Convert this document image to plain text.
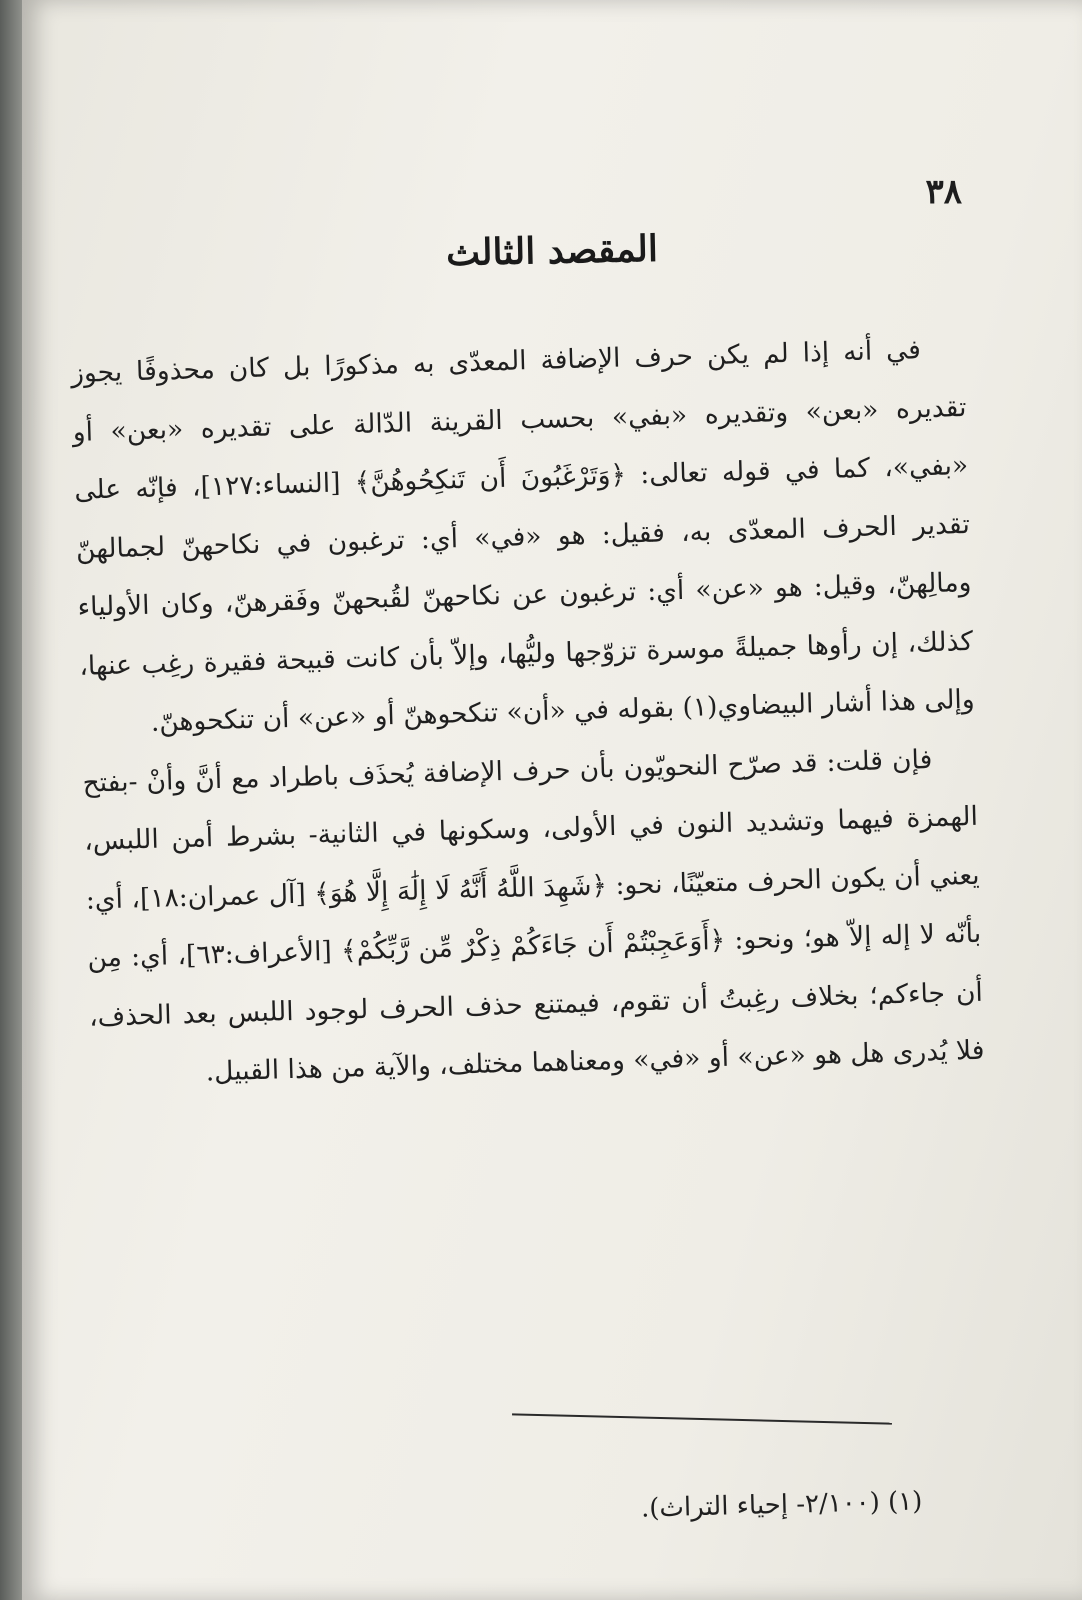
٣٨
المقصد الثالث

في أنه إذا لم يكن حرف الإضافة المعدّى به مذكورًا بل كان محذوفًا يجوز تقديره «بعن» وتقديره «بفي» بحسب القرينة الدّالة على تقديره «بعن» أو «بفي»، كما في قوله تعالى: ﴿وَتَرْغَبُونَ أَن تَنكِحُوهُنَّ﴾ [النساء:١٢٧]، فإنّه على تقدير الحرف المعدّى به، فقيل: هو «في» أي: ترغبون في نكاحهنّ لجمالهنّ ومالِهنّ، وقيل: هو «عن» أي: ترغبون عن نكاحهنّ لقُبحهنّ وفَقرهنّ، وكان الأولياء كذلك، إن رأوها جميلةً موسرة تزوّجها وليُّها، وإلاّ بأن كانت قبيحة فقيرة رغِب عنها، وإلى هذا أشار البيضاوي(١) بقوله في «أن» تنكحوهنّ أو «عن» أن تنكحوهنّ.

فإن قلت: قد صرّح النحويّون بأن حرف الإضافة يُحذَف باطراد مع أنَّ وأنْ -بفتح الهمزة فيهما وتشديد النون في الأولى، وسكونها في الثانية- بشرط أمن اللبس، يعني أن يكون الحرف متعيّنًا، نحو: ﴿شَهِدَ اللَّهُ أَنَّهُ لَا إِلَٰهَ إِلَّا هُوَ﴾ [آل عمران:١٨]، أي: بأنّه لا إله إلاّ هو؛ ونحو: ﴿أَوَعَجِبْتُمْ أَن جَاءَكُمْ ذِكْرٌ مِّن رَّبِّكُمْ﴾ [الأعراف:٦٣]، أي: مِن أن جاءكم؛ بخلاف رغِبتُ أن تقوم، فيمتنع حذف الحرف لوجود اللبس بعد الحذف، فلا يُدرى هل هو «عن» أو «في» ومعناهما مختلف، والآية من هذا القبيل.

(١) (٢/١٠٠- إحياء التراث).
